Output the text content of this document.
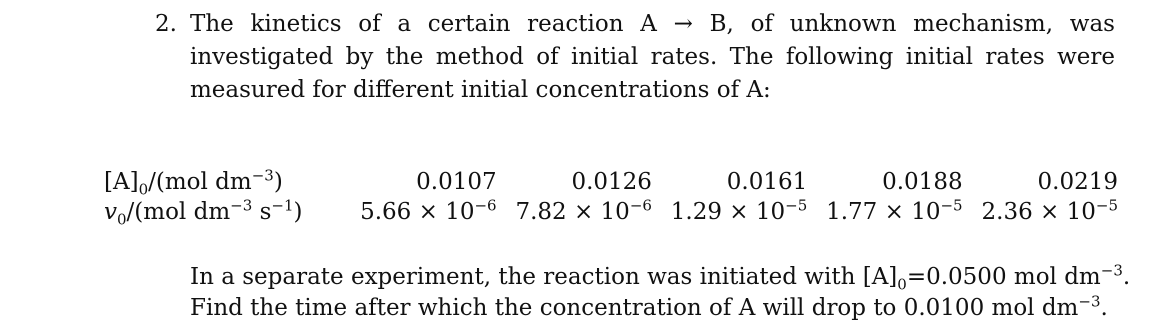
2. The kinetics of a certain reaction A → B, of unknown mechanism, was investigated by the method of initial rates. The following initial rates were measured for different initial concentrations of A:
$[A]_0/(mol$ $dm^{-3}$)	0.0107	0.0126	0.0161	0.0188	0.0219
$v_0/(mol$ $dm^{-3}$ $s^{-1}$)	$5.66 \times 10^{-6}$	$7.82 \times 10^{-6}$	$1.29 \times 10^{-5}$	$1.77 \times 10^{-5}$	$2.36 \times 10^{-5}$

In a separate experiment, the reaction was initiated with $[A]_0=0.0500$ mol $dm^{-3}$.

Find the time after which the concentration of A will drop to 0.0100 mol $dm^{-3}$.
